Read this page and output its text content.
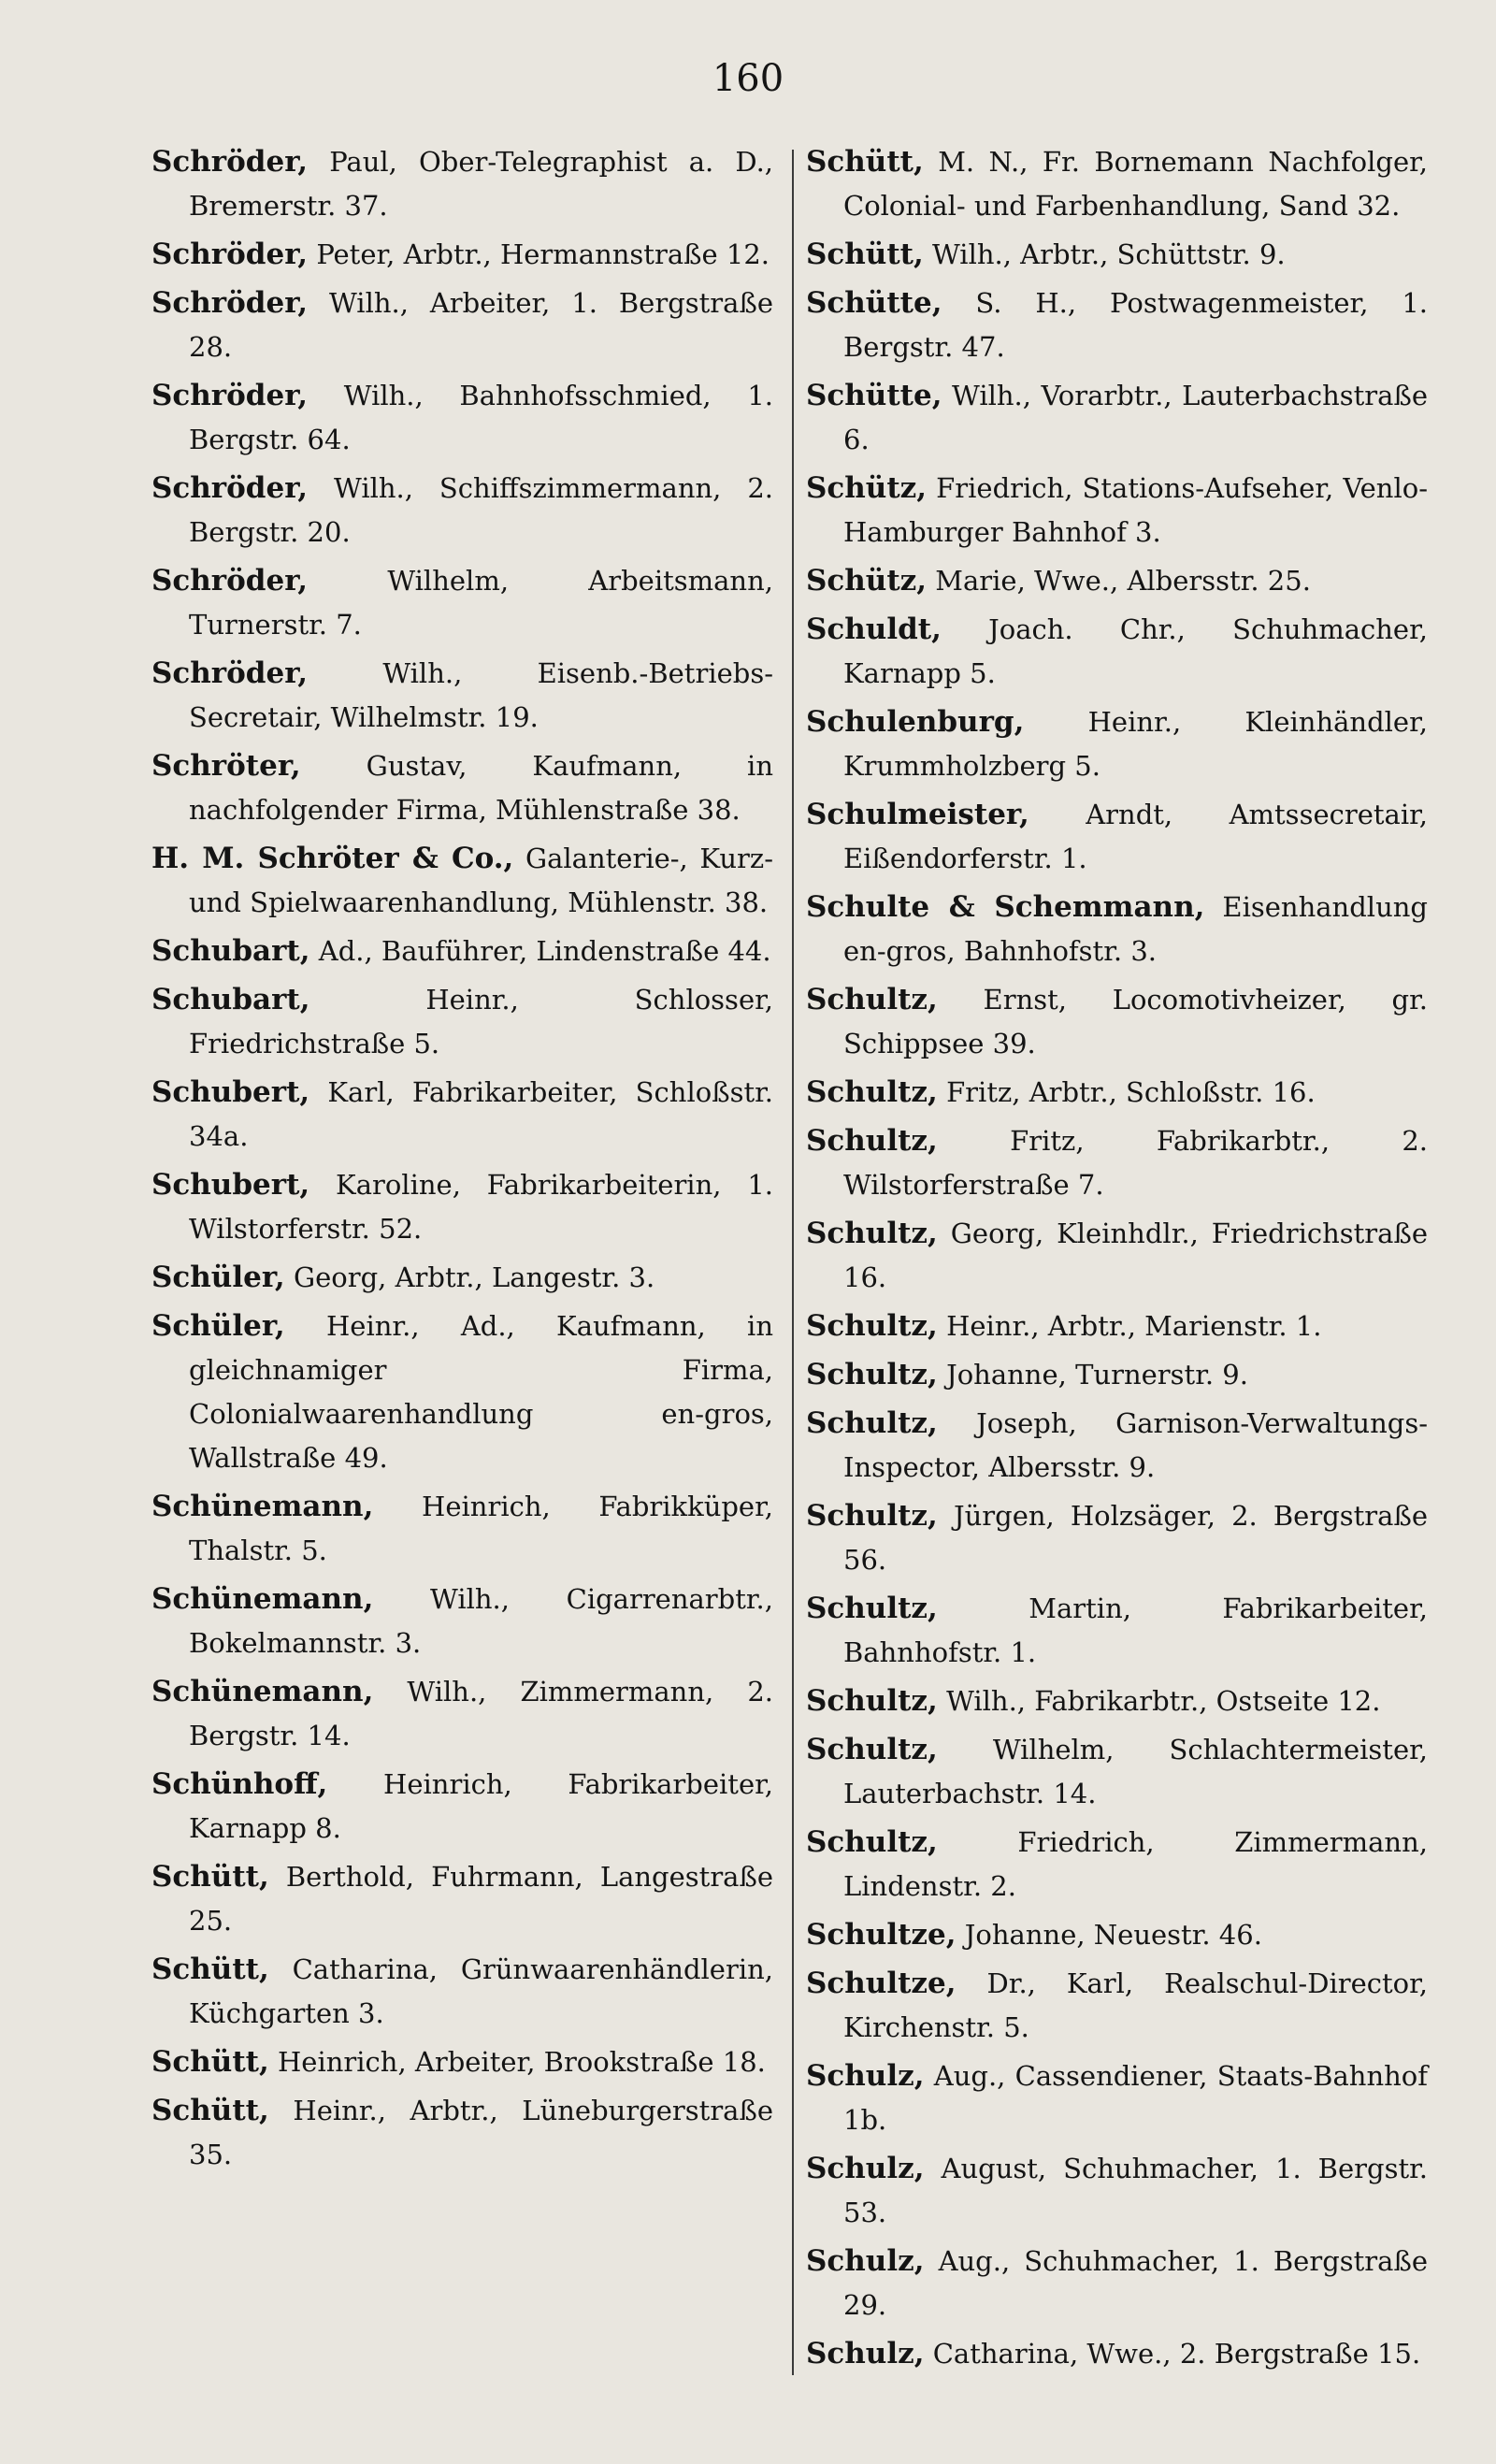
160

Schröder, Paul, Ober-Telegraphist a. D., Bremerstr. 37.

Schröder, Peter, Arbtr., Hermannstraße 12.

Schröder, Wilh., Arbeiter, 1. Bergstraße 28.

Schröder, Wilh., Bahnhofsschmied, 1. Bergstr. 64.

Schröder, Wilh., Schiffszimmermann, 2. Bergstr. 20.

Schröder,	Wilhelm, Arbeitsmann, Turnerstr. 7.

Schröder,	Wilh., Eisenb.-Betriebs-Secretair, Wilhelmstr. 19.

Schröter, Gustav, Kaufmann, in nachfolgender Firma, Mühlenstraße 38.

H. M. Schröter & Co., Galanterie-, Kurz- und Spielwaarenhandlung, Mühlenstr. 38.

Schubart, Ad., Bauführer, Lindenstraße 44.

Schubart,	Heinr., Schlosser, Friedrichstraße 5.

Schubert, Karl, Fabrikarbeiter, Schloßstr. 34a.

Schubert, Karoline, Fabrikarbeiterin, 1. Wilstorferstr. 52.

Schüler, Georg, Arbtr., Langestr. 3.

Schüler, Heinr., Ad., Kaufmann, in gleichnamiger Firma, Colonialwaarenhandlung en-gros, Wallstraße 49.

Schünemann, Heinrich, Fabrikküper, Thalstr. 5.

Schünemann, Wilh., Cigarrenarbtr., Bokelmannstr. 3.

Schünemann, Wilh., Zimmermann, 2. Bergstr. 14.

Schünhoff, Heinrich, Fabrikarbeiter, Karnapp 8.

Schütt, Berthold, Fuhrmann, Langestraße 25.

Schütt, Catharina, Grünwaarenhändlerin, Küchgarten 3.

Schütt, Heinrich, Arbeiter, Brookstraße 18.

Schütt, Heinr., Arbtr., Lüneburgerstraße 35.

Schütt, M. N., Fr. Bornemann Nachfolger, Colonial- und Farbenhandlung, Sand 32.

Schütt, Wilh., Arbtr., Schüttstr. 9.

Schütte, S. H., Postwagenmeister, 1. Bergstr. 47.

Schütte, Wilh., Vorarbtr., Lauterbachstraße 6.

Schütz, Friedrich, Stations-Aufseher, Venlo-Hamburger Bahnhof 3.

Schütz, Marie, Wwe., Albersstr. 25.

Schuldt, Joach. Chr., Schuhmacher, Karnapp 5.

Schulenburg, Heinr., Kleinhändler, Krummholzberg 5.

Schulmeister, Arndt, Amtssecretair, Eißendorferstr. 1.

Schulte & Schemmann, Eisenhandlung en-gros, Bahnhofstr. 3.

Schultz, Ernst, Locomotivheizer, gr. Schippsee 39.

Schultz, Fritz, Arbtr., Schloßstr. 16.

Schultz,	Fritz, Fabrikarbtr., 2. Wilstorferstraße 7.

Schultz, Georg, Kleinhdlr., Friedrichstraße 16.

Schultz, Heinr., Arbtr., Marienstr. 1.

Schultz, Johanne, Turnerstr. 9.

Schultz, Joseph, Garnison-Verwaltungs-Inspector, Albersstr. 9.

Schultz, Jürgen, Holzsäger, 2. Bergstraße 56.

Schultz,	Martin, Fabrikarbeiter, Bahnhofstr. 1.

Schultz, Wilh., Fabrikarbtr., Ostseite 12.

Schultz, Wilhelm, Schlachtermeister, Lauterbachstr. 14.

Schultz,	Friedrich, Zimmermann, Lindenstr. 2.

Schultze, Johanne, Neuestr. 46.

Schultze, Dr., Karl, Realschul-Director, Kirchenstr. 5.

Schulz, Aug., Cassendiener, Staats-Bahnhof 1b.

Schulz, August, Schuhmacher, 1. Bergstr. 53.

Schulz, Aug., Schuhmacher, 1. Bergstraße 29.

Schulz, Catharina, Wwe., 2. Bergstraße 15.
